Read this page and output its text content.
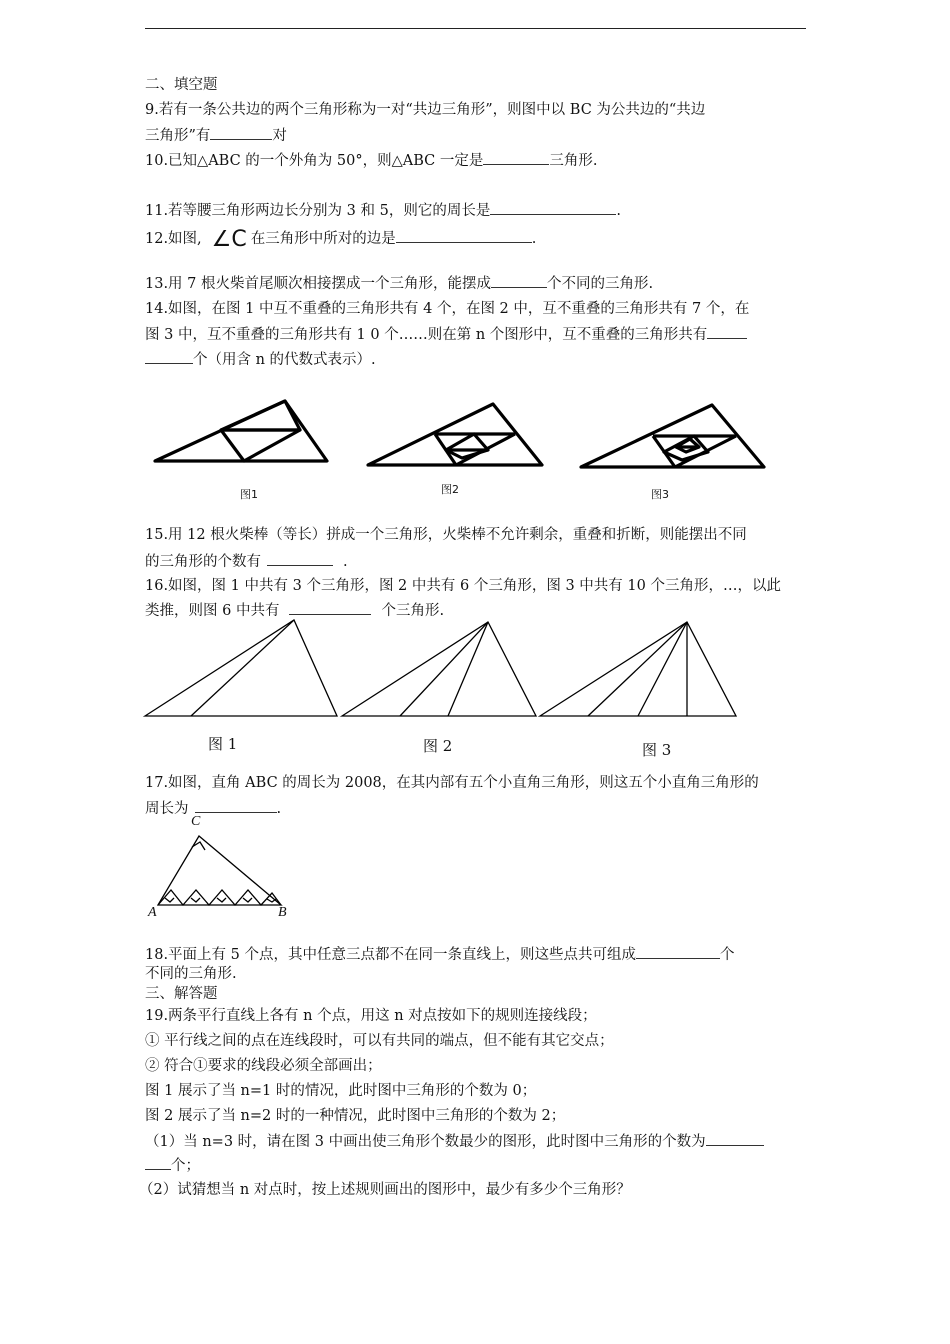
二、填空题
9.若有一条公共边的两个三角形称为一对“共边三角形”，则图中以 BC 为公共边的“共边
三角形”有	对
10.已知△ABC 的一个外角为 50°，则△ABC 一定是	三角形.
11.若等腰三角形两边长分别为 3 和 5，则它的周长是	.
12.如图, ∠C 在三角形中所对的边是	.
13.用 7 根火柴首尾顺次相接摆成一个三角形，能摆成	个不同的三角形.
14.如图，在图 1 中互不重叠的三角形共有 4 个，在图 2 中，互不重叠的三角形共有 7 个，在
图 3 中，互不重叠的三角形共有 1 0 个……则在第 n 个图形中，互不重叠的三角形共有
个（用含 n 的代数式表示）.
图1	图2	图3
15.用 12 根火柴棒（等长）拼成一个三角形，火柴棒不允许剩余，重叠和折断，则能摆出不同
的三角形的个数有	.
16.如图，图 1 中共有 3 个三角形，图 2 中共有 6 个三角形，图 3 中共有 10 个三角形，…，以此
类推，则图 6 中共有	个三角形.
图 1	图 2	图 3
17.如图，直角 ABC 的周长为 2008，在其内部有五个小直角三角形，则这五个小直角三角形的
周长为	.
C
A	B
18.平面上有 5 个点，其中任意三点都不在同一条直线上，则这些点共可组成	个
不同的三角形.
三、解答题
19.两条平行直线上各有 n 个点，用这 n 对点按如下的规则连接线段；
① 平行线之间的点在连线段时，可以有共同的端点，但不能有其它交点；
② 符合①要求的线段必须全部画出；
图 1 展示了当 n=1 时的情况，此时图中三角形的个数为 0；
图 2 展示了当 n=2 时的一种情况，此时图中三角形的个数为 2；
（1）当 n=3 时，请在图 3 中画出使三角形个数最少的图形，此时图中三角形的个数为
个；
（2）试猜想当 n 对点时，按上述规则画出的图形中，最少有多少个三角形？
